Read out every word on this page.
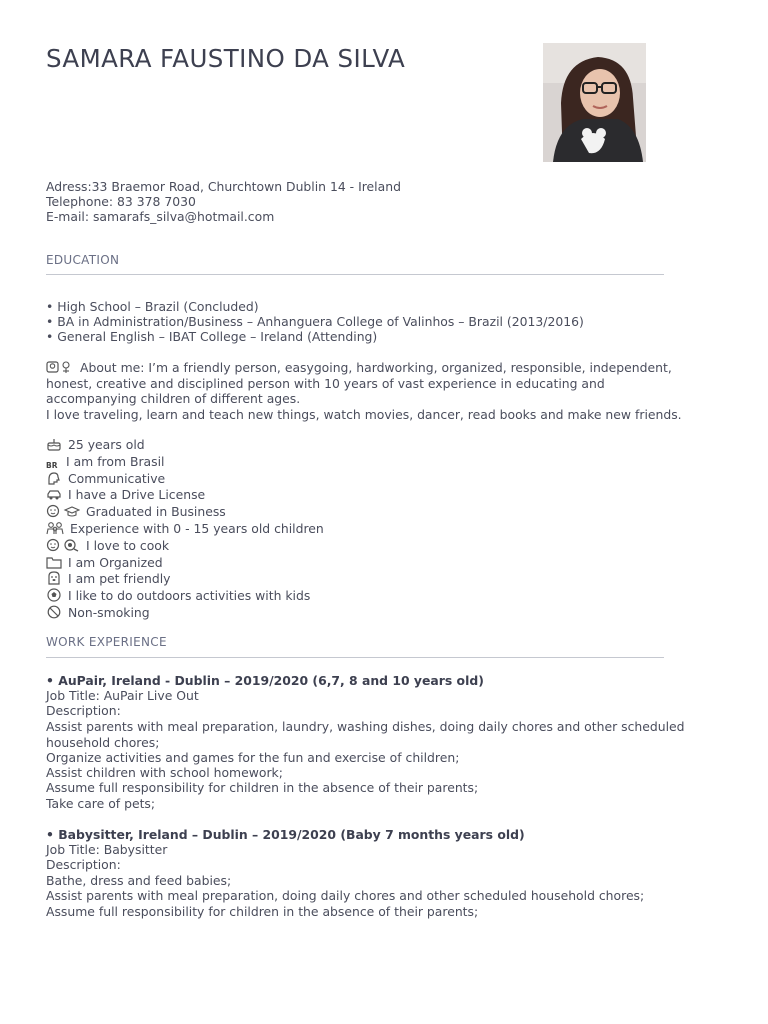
SAMARA FAUSTINO DA SILVA
Adress:33 Braemor Road, Churchtown Dublin 14 - Ireland
Telephone: 83 378 7030
E-mail: samarafs_silva@hotmail.com
EDUCATION
• High School – Brazil (Concluded)
• BA in Administration/Business – Anhanguera College of Valinhos – Brazil (2013/2016)
• General English – IBAT College – Ireland (Attending)
About me: I’m a friendly person, easygoing, hardworking, organized, responsible, independent,
honest, creative and disciplined person with 10 years of vast experience in educating and
accompanying children of different ages.
I love traveling, learn and teach new things, watch movies, dancer, read books and make new friends.
25 years old
BR I am from Brasil
Communicative
I have a Drive License
Graduated in Business
Experience with 0 - 15 years old children
I love to cook
I am Organized
I am pet friendly
I like to do outdoors activities with kids
Non-smoking
WORK EXPERIENCE
• AuPair, Ireland - Dublin – 2019/2020 (6,7, 8 and 10 years old)
Job Title: AuPair Live Out
Description:
Assist parents with meal preparation, laundry, washing dishes, doing daily chores and other scheduled
household chores;
Organize activities and games for the fun and exercise of children;
Assist children with school homework;
Assume full responsibility for children in the absence of their parents;
Take care of pets;
• Babysitter, Ireland – Dublin – 2019/2020 (Baby 7 months years old)
Job Title: Babysitter
Description:
Bathe, dress and feed babies;
Assist parents with meal preparation, doing daily chores and other scheduled household chores;
Assume full responsibility for children in the absence of their parents;
